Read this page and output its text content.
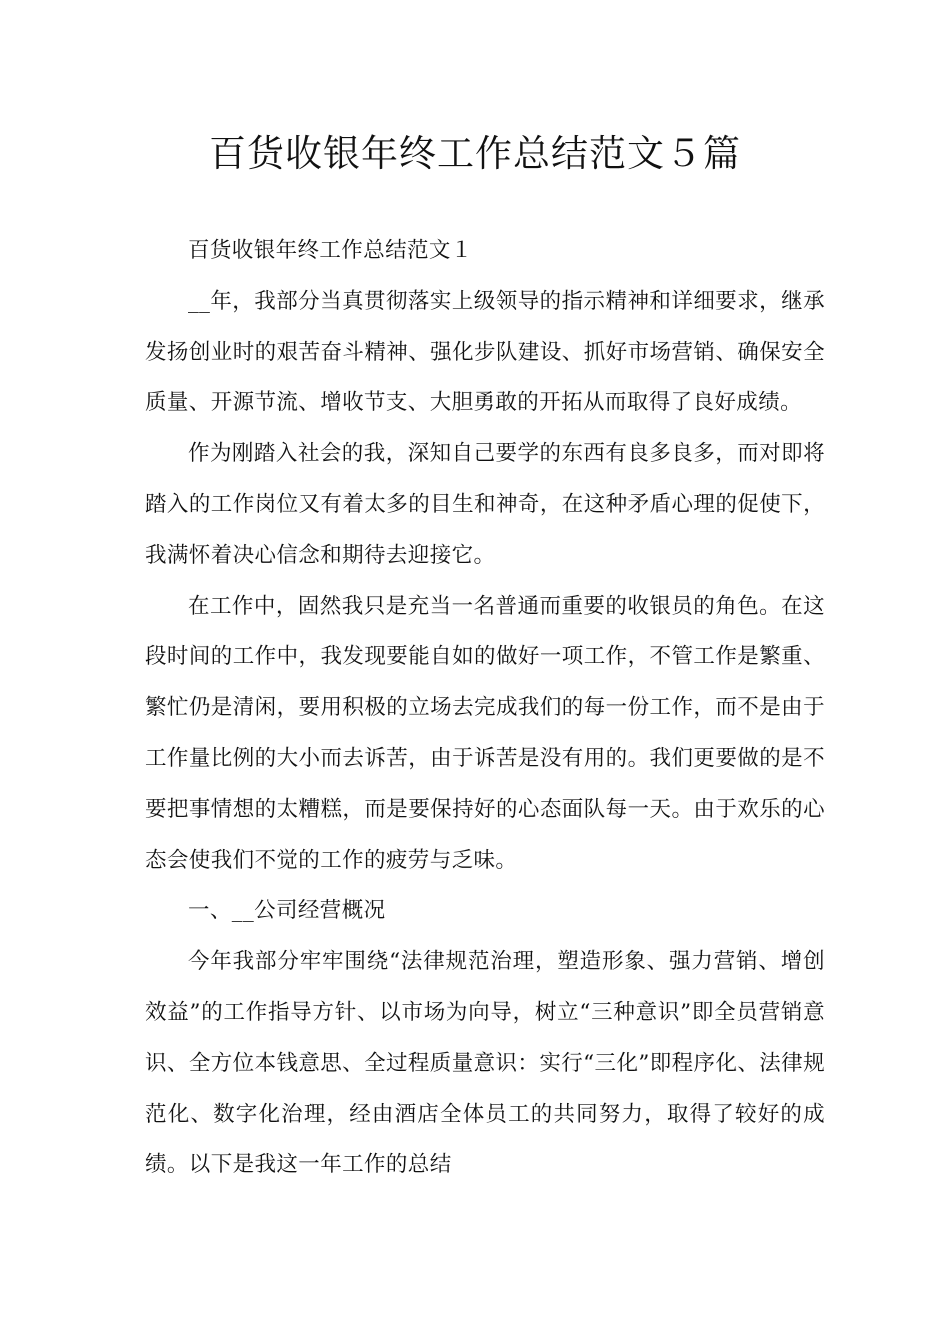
百货收银年终工作总结范文５篇

百货收银年终工作总结范文１

__年，我部分当真贯彻落实上级领导的指示精神和详细要求，继承发扬创业时的艰苦奋斗精神、强化步队建设、抓好市场营销、确保安全质量、开源节流、增收节支、大胆勇敢的开拓从而取得了良好成绩。

作为刚踏入社会的我，深知自己要学的东西有良多良多，而对即将踏入的工作岗位又有着太多的目生和神奇，在这种矛盾心理的促使下，我满怀着决心信念和期待去迎接它。

在工作中，固然我只是充当一名普通而重要的收银员的角色。在这段时间的工作中，我发现要能自如的做好一项工作，不管工作是繁重、繁忙仍是清闲，要用积极的立场去完成我们的每一份工作，而不是由于工作量比例的大小而去诉苦，由于诉苦是没有用的。我们更要做的是不要把事情想的太糟糕，而是要保持好的心态面队每一天。由于欢乐的心态会使我们不觉的工作的疲劳与乏味。

一、__公司经营概况

今年我部分牢牢围绕“法律规范治理，塑造形象、强力营销、增创效益”的工作指导方针、以市场为向导，树立“三种意识”即全员营销意识、全方位本钱意思、全过程质量意识：实行“三化”即程序化、法律规范化、数字化治理，经由酒店全体员工的共同努力，取得了较好的成绩。以下是我这一年工作的总结
